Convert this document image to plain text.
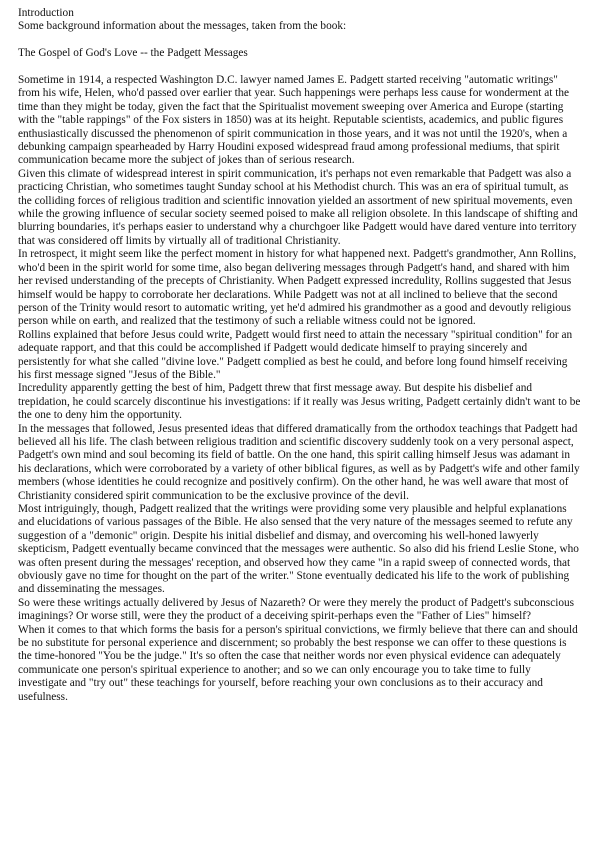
Introduction

Some background information about the messages, taken from the book:

The Gospel of God's Love -- the Padgett Messages

Sometime in 1914, a respected Washington D.C. lawyer named James E. Padgett started receiving "automatic writings" from his wife, Helen, who'd passed over earlier that year. Such happenings were perhaps less cause for wonderment at the time than they might be today, given the fact that the Spiritualist movement sweeping over America and Europe (starting with the "table rappings" of the Fox sisters in 1850) was at its height. Reputable scientists, academics, and public figures enthusiastically discussed the phenomenon of spirit communication in those years, and it was not until the 1920's, when a debunking campaign spearheaded by Harry Houdini exposed widespread fraud among professional mediums, that spirit communication became more the subject of jokes than of serious research.

Given this climate of widespread interest in spirit communication, it's perhaps not even remarkable that Padgett was also a practicing Christian, who sometimes taught Sunday school at his Methodist church. This was an era of spiritual tumult, as the colliding forces of religious tradition and scientific innovation yielded an assortment of new spiritual movements, even while the growing influence of secular society seemed poised to make all religion obsolete. In this landscape of shifting and blurring boundaries, it's perhaps easier to understand why a churchgoer like Padgett would have dared venture into territory that was considered off limits by virtually all of traditional Christianity.

In retrospect, it might seem like the perfect moment in history for what happened next. Padgett's grandmother, Ann Rollins, who'd been in the spirit world for some time, also began delivering messages through Padgett's hand, and shared with him her revised understanding of the precepts of Christianity. When Padgett expressed incredulity, Rollins suggested that Jesus himself would be happy to corroborate her declarations. While Padgett was not at all inclined to believe that the second person of the Trinity would resort to automatic writing, yet he'd admired his grandmother as a good and devoutly religious person while on earth, and realized that the testimony of such a reliable witness could not be ignored.

Rollins explained that before Jesus could write, Padgett would first need to attain the necessary "spiritual condition" for an adequate rapport, and that this could be accomplished if Padgett would dedicate himself to praying sincerely and persistently for what she called "divine love." Padgett complied as best he could, and before long found himself receiving his first message signed "Jesus of the Bible."

Incredulity apparently getting the best of him, Padgett threw that first message away. But despite his disbelief and trepidation, he could scarcely discontinue his investigations: if it really was Jesus writing, Padgett certainly didn't want to be the one to deny him the opportunity.

In the messages that followed, Jesus presented ideas that differed dramatically from the orthodox teachings that Padgett had believed all his life. The clash between religious tradition and scientific discovery suddenly took on a very personal aspect, Padgett's own mind and soul becoming its field of battle. On the one hand, this spirit calling himself Jesus was adamant in his declarations, which were corroborated by a variety of other biblical figures, as well as by Padgett's wife and other family members (whose identities he could recognize and positively confirm). On the other hand, he was well aware that most of Christianity considered spirit communication to be the exclusive province of the devil.

Most intriguingly, though, Padgett realized that the writings were providing some very plausible and helpful explanations and elucidations of various passages of the Bible. He also sensed that the very nature of the messages seemed to refute any suggestion of a "demonic" origin. Despite his initial disbelief and dismay, and overcoming his well-honed lawyerly skepticism, Padgett eventually became convinced that the messages were authentic. So also did his friend Leslie Stone, who was often present during the messages' reception, and observed how they came "in a rapid sweep of connected words, that obviously gave no time for thought on the part of the writer." Stone eventually dedicated his life to the work of publishing and disseminating the messages.

So were these writings actually delivered by Jesus of Nazareth? Or were they merely the product of Padgett's subconscious imaginings? Or worse still, were they the product of a deceiving spirit-perhaps even the "Father of Lies" himself?

When it comes to that which forms the basis for a person's spiritual convictions, we firmly believe that there can and should be no substitute for personal experience and discernment; so probably the best response we can offer to these questions is the time-honored "You be the judge." It's so often the case that neither words nor even physical evidence can adequately communicate one person's spiritual experience to another; and so we can only encourage you to take time to fully investigate and "try out" these teachings for yourself, before reaching your own conclusions as to their accuracy and usefulness.
